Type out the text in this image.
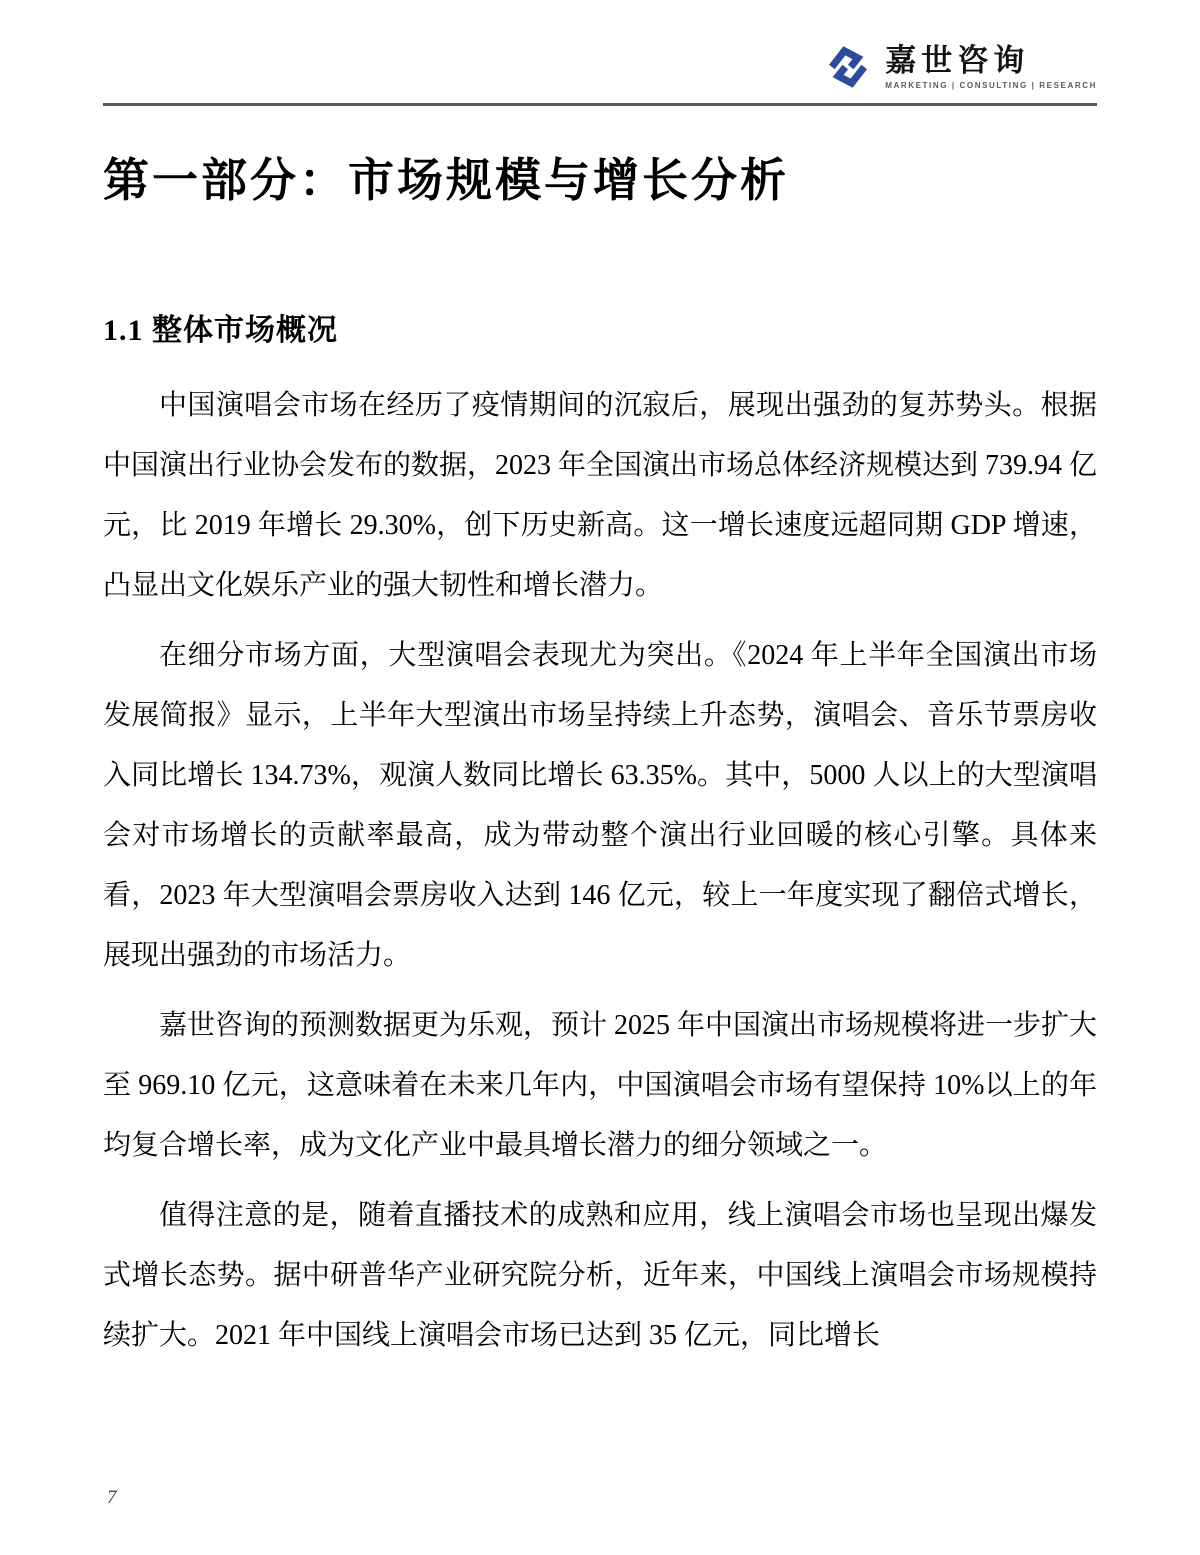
嘉世咨询
MARKETING | CONSULTING | RESEARCH
第一部分：市场规模与增长分析
1.1 整体市场概况

中国演唱会市场在经历了疫情期间的沉寂后，展现出强劲的复苏势头。根据中国演出行业协会发布的数据，2023 年全国演出市场总体经济规模达到 739.94 亿元，比 2019 年增长 29.30%，创下历史新高。这一增长速度远超同期 GDP 增速，凸显出文化娱乐产业的强大韧性和增长潜力。

在细分市场方面，大型演唱会表现尤为突出。《2024 年上半年全国演出市场发展简报》显示，上半年大型演出市场呈持续上升态势，演唱会、音乐节票房收入同比增长 134.73%，观演人数同比增长 63.35%。其中，5000 人以上的大型演唱会对市场增长的贡献率最高，成为带动整个演出行业回暖的核心引擎。具体来看，2023 年大型演唱会票房收入达到 146 亿元，较上一年度实现了翻倍式增长，展现出强劲的市场活力。

嘉世咨询的预测数据更为乐观，预计 2025 年中国演出市场规模将进一步扩大至 969.10 亿元，这意味着在未来几年内，中国演唱会市场有望保持 10%以上的年均复合增长率，成为文化产业中最具增长潜力的细分领域之一。

值得注意的是，随着直播技术的成熟和应用，线上演唱会市场也呈现出爆发式增长态势。据中研普华产业研究院分析，近年来，中国线上演唱会市场规模持续扩大。2021 年中国线上演唱会市场已达到 35 亿元，同比增长

7
